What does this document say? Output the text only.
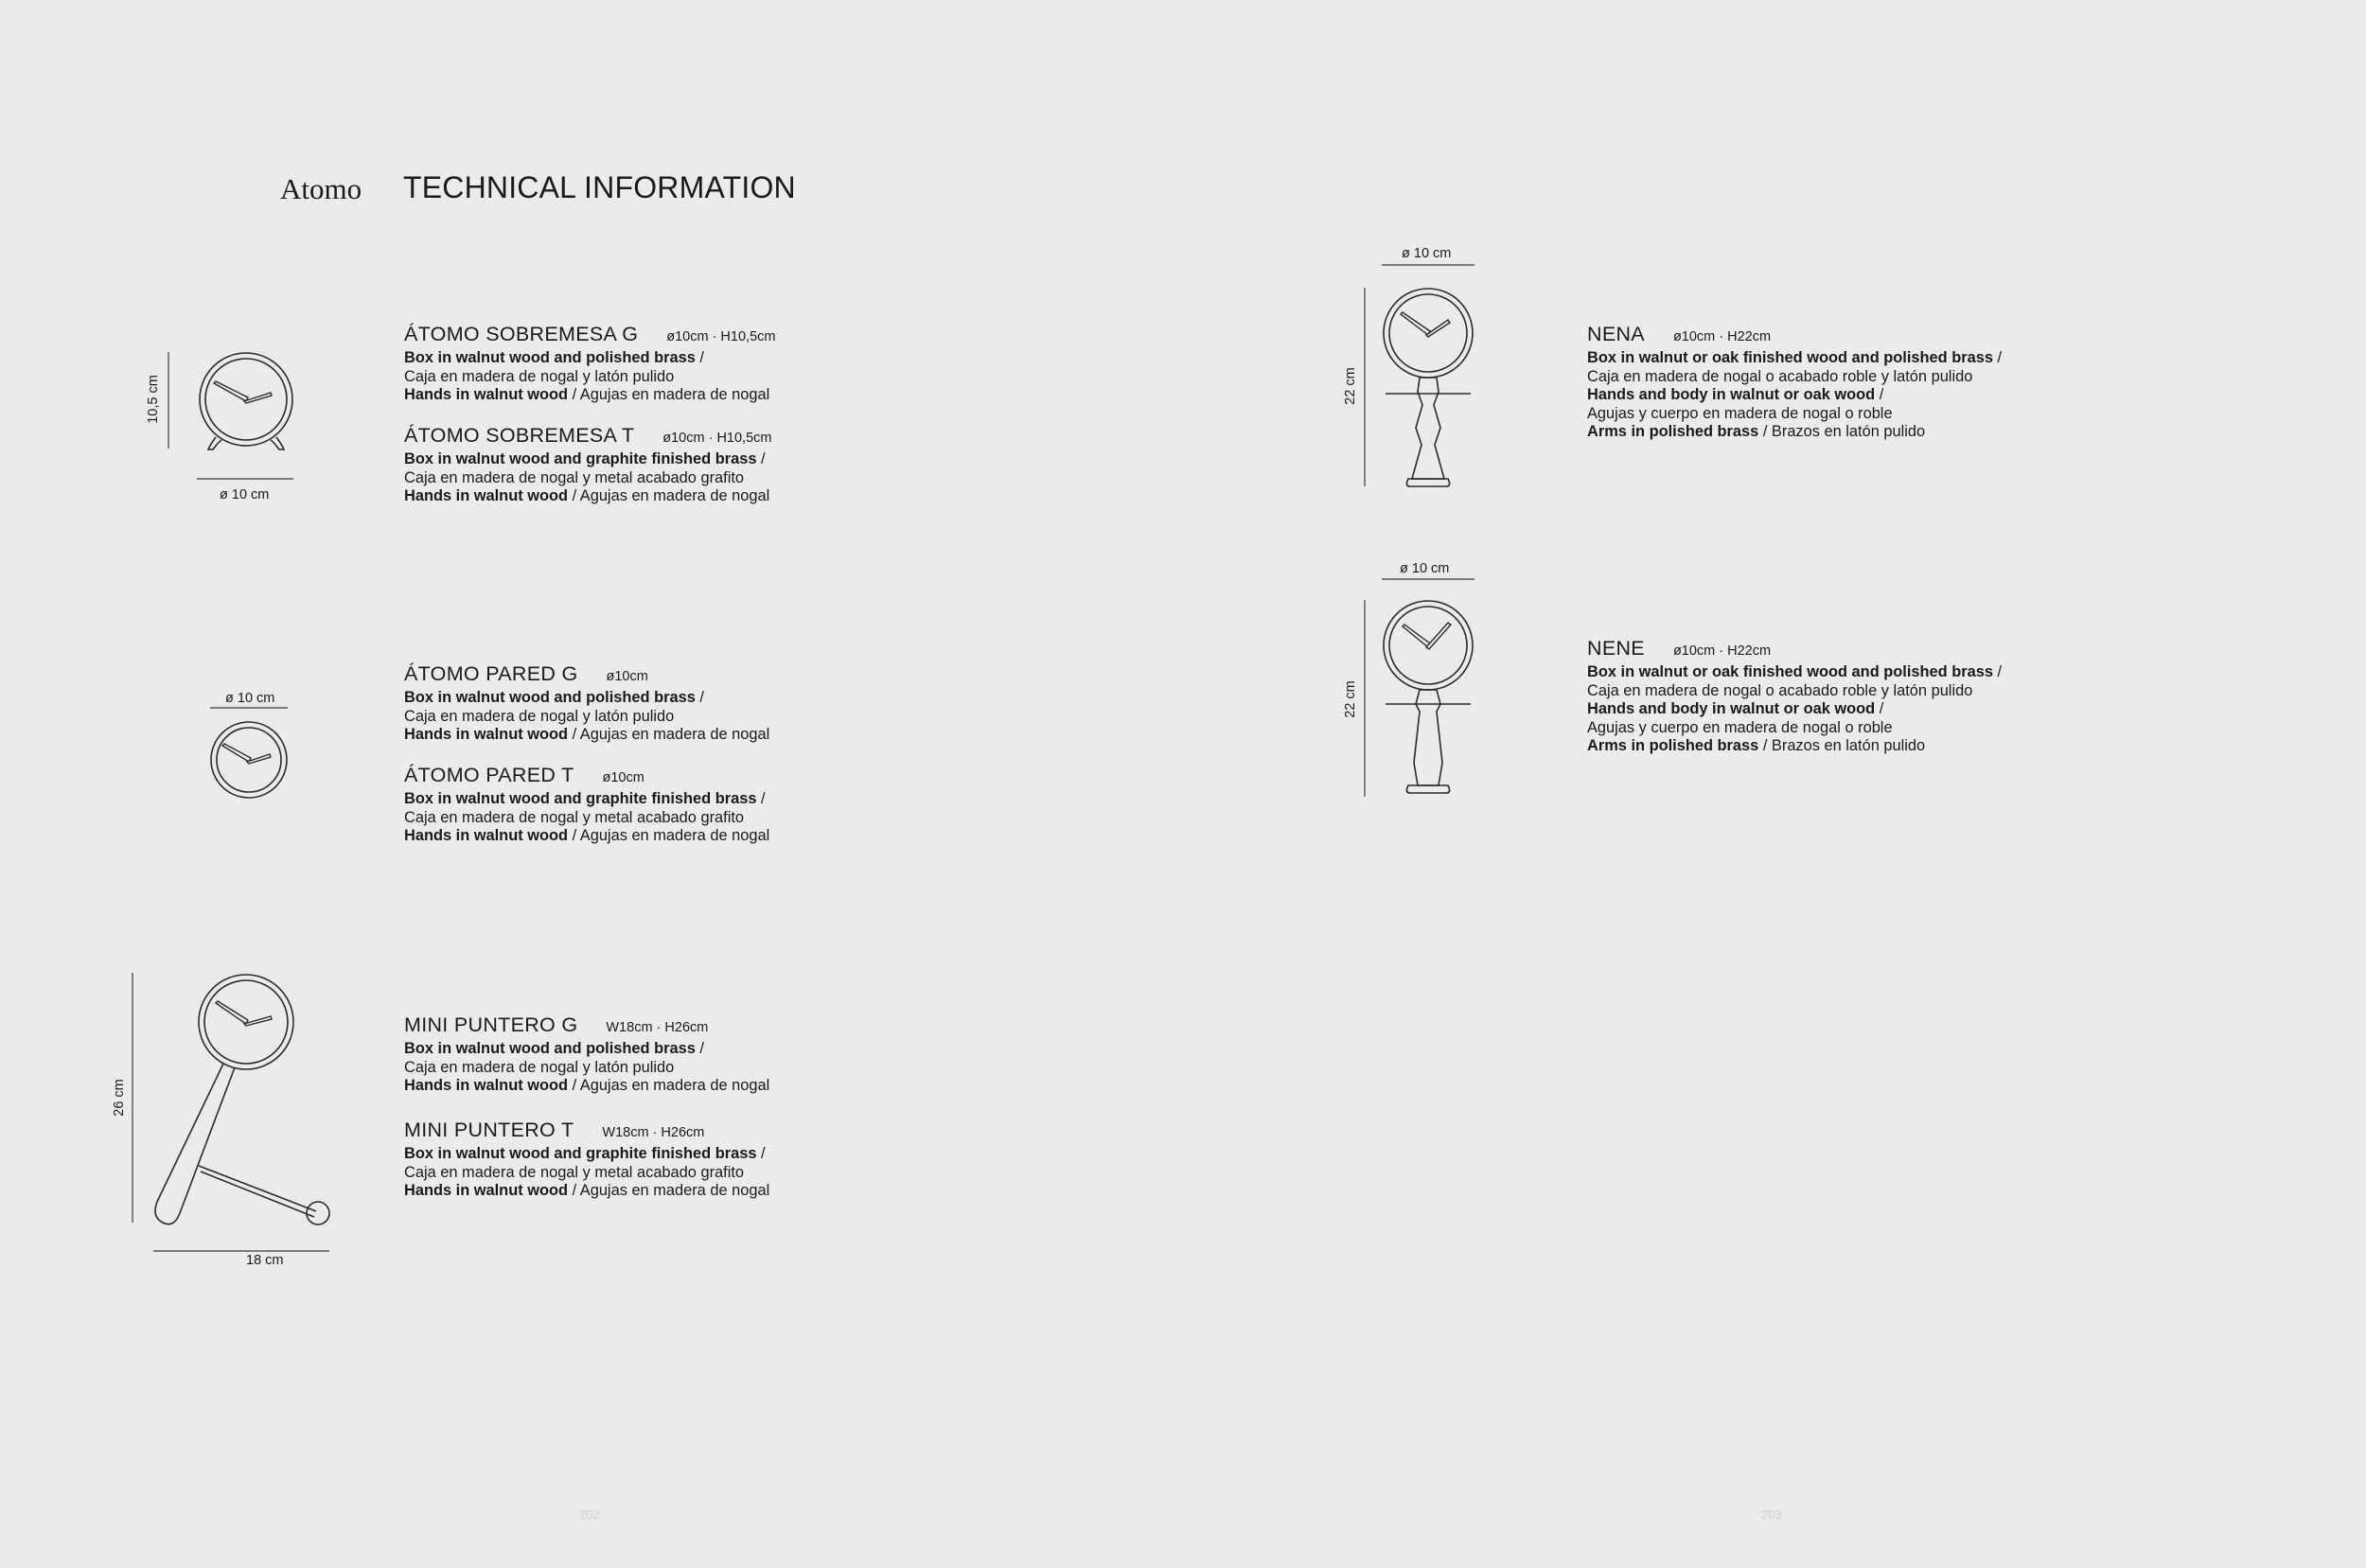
Atomo TECHNICAL INFORMATION
ÁTOMO SOBREMESA G ø10cm · H10,5cm
Box in walnut wood and polished brass /
Caja en madera de nogal y latón pulido
Hands in walnut wood / Agujas en madera de nogal
ÁTOMO SOBREMESA T ø10cm · H10,5cm
Box in walnut wood and graphite finished brass /
Caja en madera de nogal y metal acabado grafito
Hands in walnut wood / Agujas en madera de nogal
ÁTOMO PARED G ø10cm
Box in walnut wood and polished brass /
Caja en madera de nogal y latón pulido
Hands in walnut wood / Agujas en madera de nogal
ÁTOMO PARED T ø10cm
Box in walnut wood and graphite finished brass /
Caja en madera de nogal y metal acabado grafito
Hands in walnut wood / Agujas en madera de nogal
MINI PUNTERO G W18cm · H26cm
Box in walnut wood and polished brass /
Caja en madera de nogal y latón pulido
Hands in walnut wood / Agujas en madera de nogal
MINI PUNTERO T W18cm · H26cm
Box in walnut wood and graphite finished brass /
Caja en madera de nogal y metal acabado grafito
Hands in walnut wood / Agujas en madera de nogal
NENA ø10cm · H22cm
Box in walnut or oak finished wood and polished brass /
Caja en madera de nogal o acabado roble y latón pulido
Hands and body in walnut or oak wood /
Agujas y cuerpo en madera de nogal o roble
Arms in polished brass / Brazos en latón pulido
NENE ø10cm · H22cm
Box in walnut or oak finished wood and polished brass /
Caja en madera de nogal o acabado roble y latón pulido
Hands and body in walnut or oak wood /
Agujas y cuerpo en madera de nogal o roble
Arms in polished brass / Brazos en latón pulido
10,5 cm
ø 10 cm
ø 10 cm
26 cm
18 cm
ø 10 cm
22 cm
ø 10 cm
22 cm
202	203
